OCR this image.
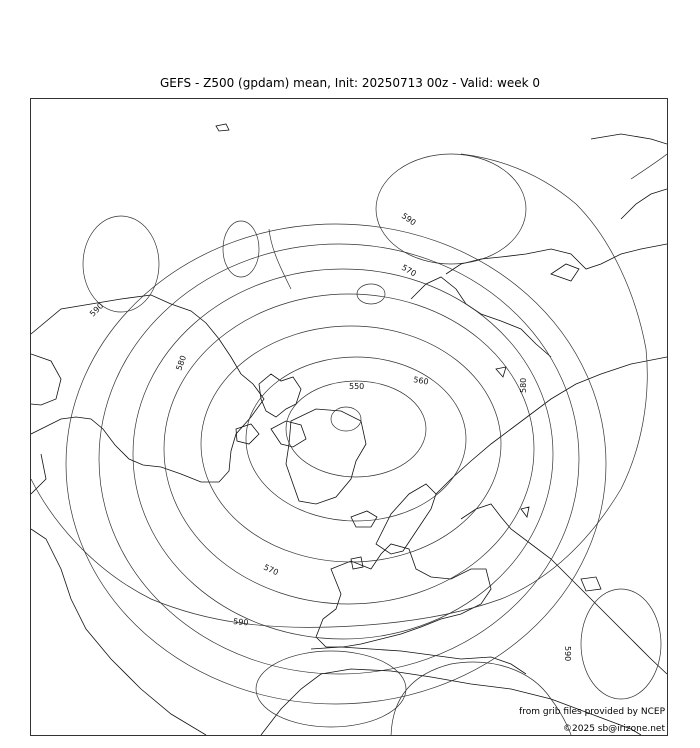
GEFS - Z500 (gpdam) mean, Init: 20250713 00z - Valid: week 0
590
570
560
550
580
580
590
570
590
590
from grib files provided by NCEP
©2025 sb@irizone.net
